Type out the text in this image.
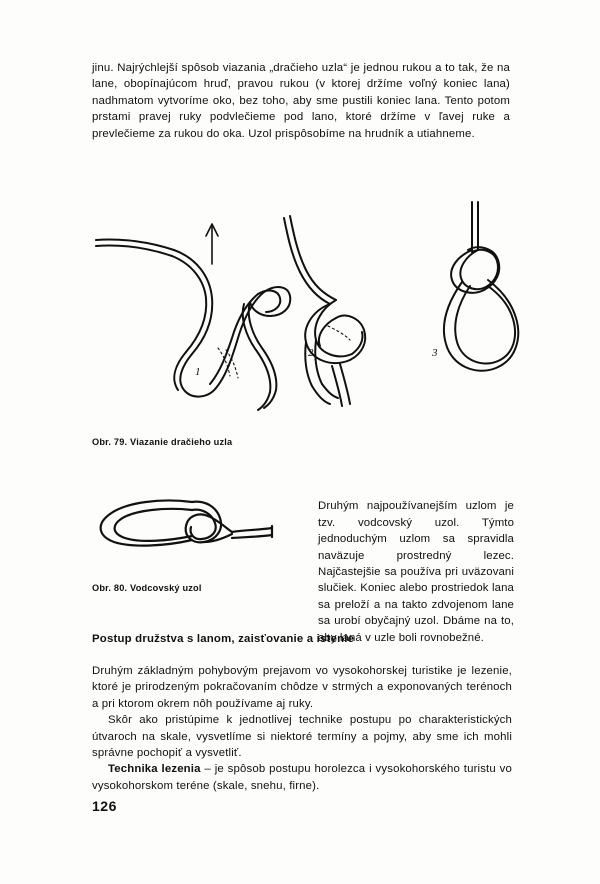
jinu. Najrýchlejší spôsob viazania „dračieho uzla“ je jednou rukou a to tak, že na lane, obopínajúcom hruď, pravou rukou (v ktorej držíme voľný koniec lana) nadhmatom vytvoríme oko, bez toho, aby sme pustili koniec lana. Tento potom prstami pravej ruky podvlečieme pod lano, ktoré držíme v ľavej ruke a prevlečieme za rukou do oka. Uzol prispôsobíme na hrudník a utiahneme.

1
2	3
Obr. 79. Viazanie dračieho uzla
Obr. 80. Vodcovský uzol

Druhým najpoužívanejším uzlom je tzv. vodcovský uzol. Týmto jednoduchým uzlom sa spravidla naväzuje prostredný lezec. Najčastejšie sa používa pri uväzovani slučiek. Koniec alebo prostriedok lana sa preloží a na takto zdvojenom lane sa urobí obyčajný uzol. Dbáme na to, aby laná v uzle boli rovnobežné.

Postup družstva s lanom, zaisťovanie a istenie

Druhým základným pohybovým prejavom vo vysokohorskej turistike je lezenie, ktoré je prirodzeným pokračovaním chôdze v strmých a exponovaných terénoch a pri ktorom okrem nôh používame aj ruky.

Skôr ako pristúpime k jednotlivej technike postupu po charakteristických útvaroch na skale, vysvetlíme si niektoré termíny a pojmy, aby sme ich mohli správne pochopiť a vysvetliť.

Technika lezenia – je spôsob postupu horolezca i vysokohorského turistu vo vysokohorskom teréne (skale, snehu, firne).

126
